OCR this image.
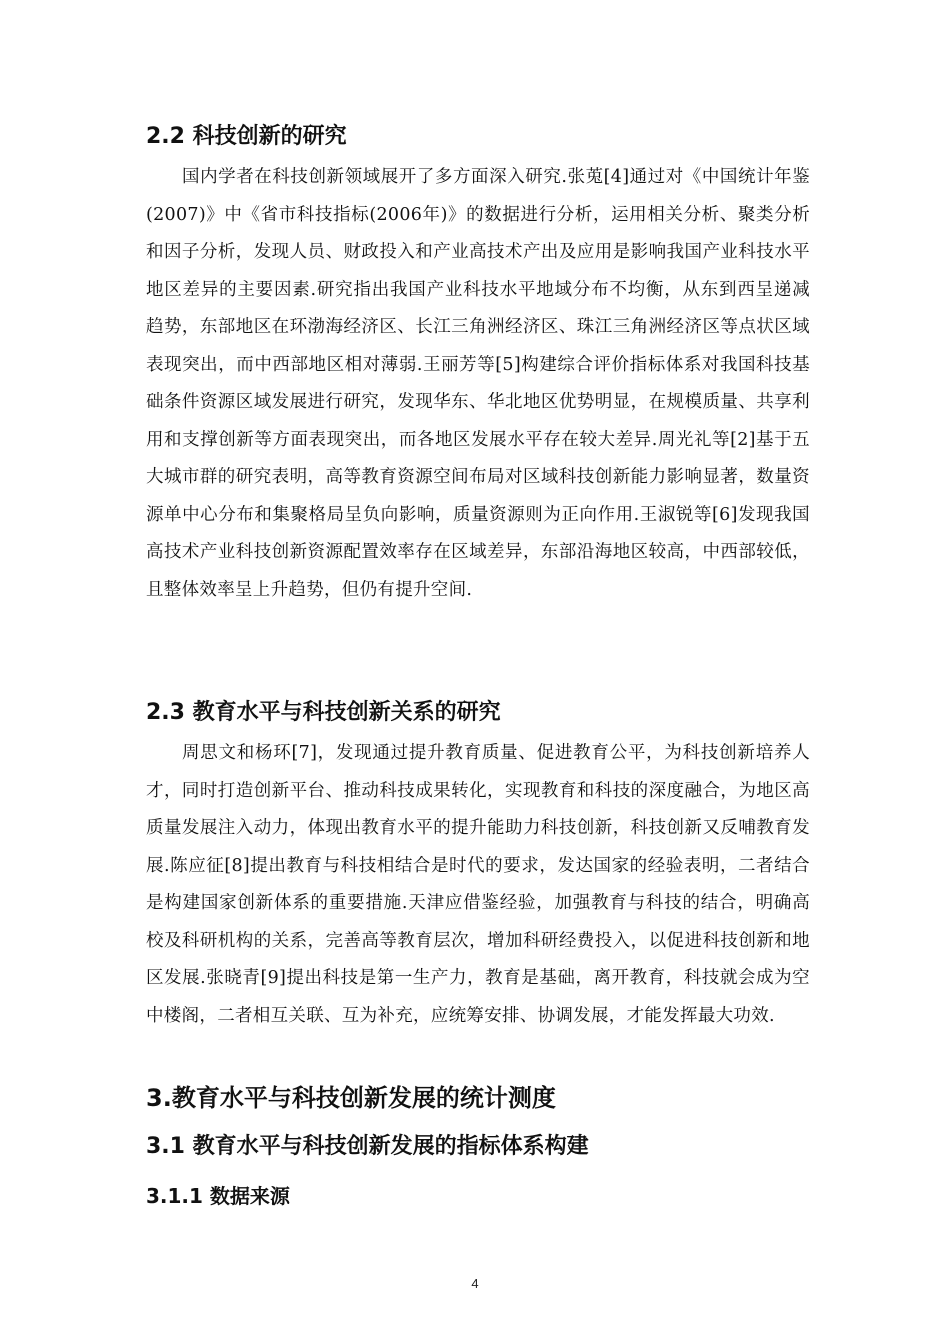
2.2 科技创新的研究
国内学者在科技创新领域展开了多方面深入研究.张莵[4]通过对《中国统计年鉴(2007)》中《省市科技指标(2006年)》的数据进行分析，运用相关分析、聚类分析和因子分析，发现人员、财政投入和产业高技术产出及应用是影响我国产业科技水平地区差异的主要因素.研究指出我国产业科技水平地域分布不均衡，从东到西呈递减趋势，东部地区在环渤海经济区、长江三角洲经济区、珠江三角洲经济区等点状区域表现突出，而中西部地区相对薄弱.王丽芳等[5]构建综合评价指标体系对我国科技基础条件资源区域发展进行研究，发现华东、华北地区优势明显，在规模质量、共享利用和支撑创新等方面表现突出，而各地区发展水平存在较大差异.周光礼等[2]基于五大城市群的研究表明，高等教育资源空间布局对区域科技创新能力影响显著，数量资源单中心分布和集聚格局呈负向影响，质量资源则为正向作用.王淑锐等[6]发现我国高技术产业科技创新资源配置效率存在区域差异，东部沿海地区较高，中西部较低，且整体效率呈上升趋势，但仍有提升空间.
2.3 教育水平与科技创新关系的研究
周思文和杨环[7]，发现通过提升教育质量、促进教育公平，为科技创新培养人才，同时打造创新平台、推动科技成果转化，实现教育和科技的深度融合，为地区高质量发展注入动力，体现出教育水平的提升能助力科技创新，科技创新又反哺教育发展.陈应征[8]提出教育与科技相结合是时代的要求，发达国家的经验表明，二者结合是构建国家创新体系的重要措施.天津应借鉴经验，加强教育与科技的结合，明确高校及科研机构的关系，完善高等教育层次，增加科研经费投入，以促进科技创新和地区发展.张晓青[9]提出科技是第一生产力，教育是基础，离开教育，科技就会成为空中楼阁，二者相互关联、互为补充，应统筹安排、协调发展，才能发挥最大功效.
3.教育水平与科技创新发展的统计测度
3.1 教育水平与科技创新发展的指标体系构建
3.1.1 数据来源
4
